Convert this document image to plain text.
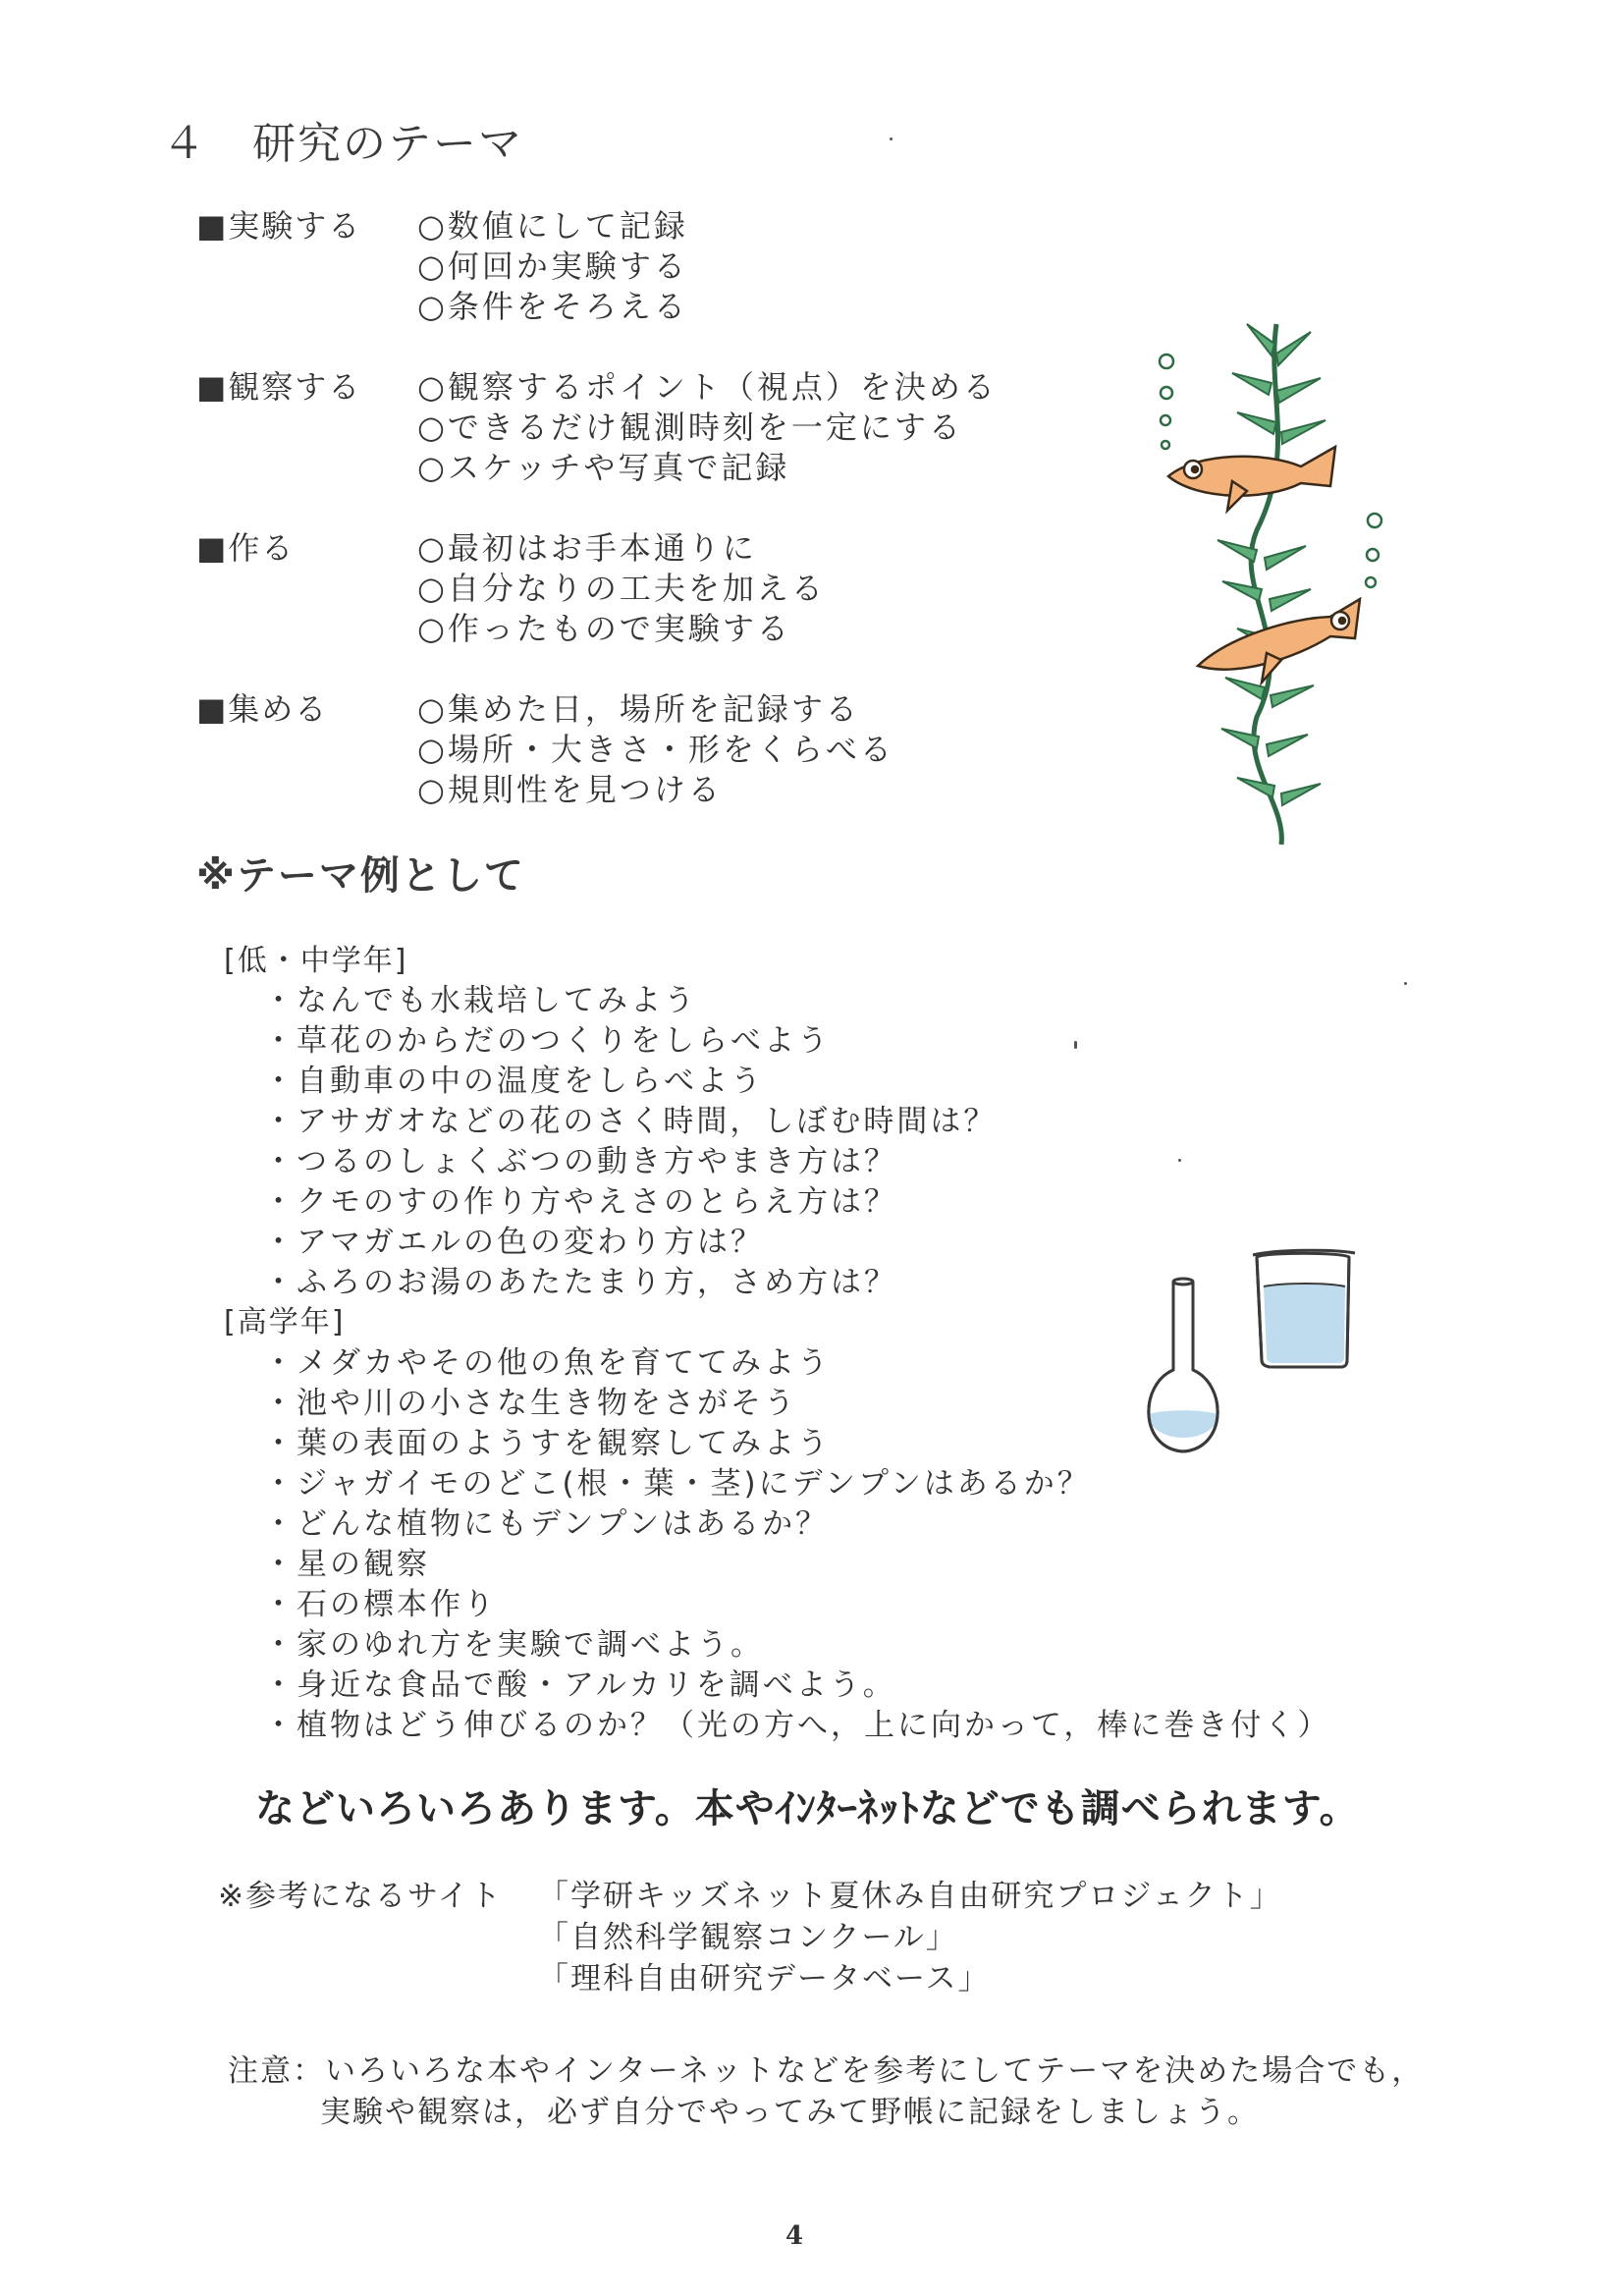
４　研究のテーマ
■実験する ○数値にして記録
○何回か実験する
○条件をそろえる
■観察する ○観察するポイント（視点）を決める
○できるだけ観測時刻を一定にする
○スケッチや写真で記録
■作る	○最初はお手本通りに
○自分なりの工夫を加える
○作ったもので実験する
■集める	○集めた日，場所を記録する
○場所・大きさ・形をくらべる
○規則性を見つける
※テーマ例として
[低・中学年]
・なんでも水栽培してみよう
・草花のからだのつくりをしらべよう
・自動車の中の温度をしらべよう
・アサガオなどの花のさく時間，しぼむ時間は？
・つるのしょくぶつの動き方やまき方は？
・クモのすの作り方やえさのとらえ方は？
・アマガエルの色の変わり方は？
・ふろのお湯のあたたまり方，さめ方は？
[高学年]
・メダカやその他の魚を育ててみよう
・池や川の小さな生き物をさがそう
・葉の表面のようすを観察してみよう
・ジャガイモのどこ(根・葉・茎)にデンプンはあるか？
・どんな植物にもデンプンはあるか？
・星の観察
・石の標本作り
・家のゆれ方を実験で調べよう。
・身近な食品で酸・アルカリを調べよう。
・植物はどう伸びるのか？（光の方へ，上に向かって，棒に巻き付く）
などいろいろあります。本やｲﾝﾀｰﾈｯﾄなどでも調べられます。
※参考になるサイト 「学研キッズネット夏休み自由研究プロジェクト」
「自然科学観察コンクール」
「理科自由研究データベース」
注意：いろいろな本やインターネットなどを参考にしてテーマを決めた場合でも，
実験や観察は，必ず自分でやってみて野帳に記録をしましょう。
4
